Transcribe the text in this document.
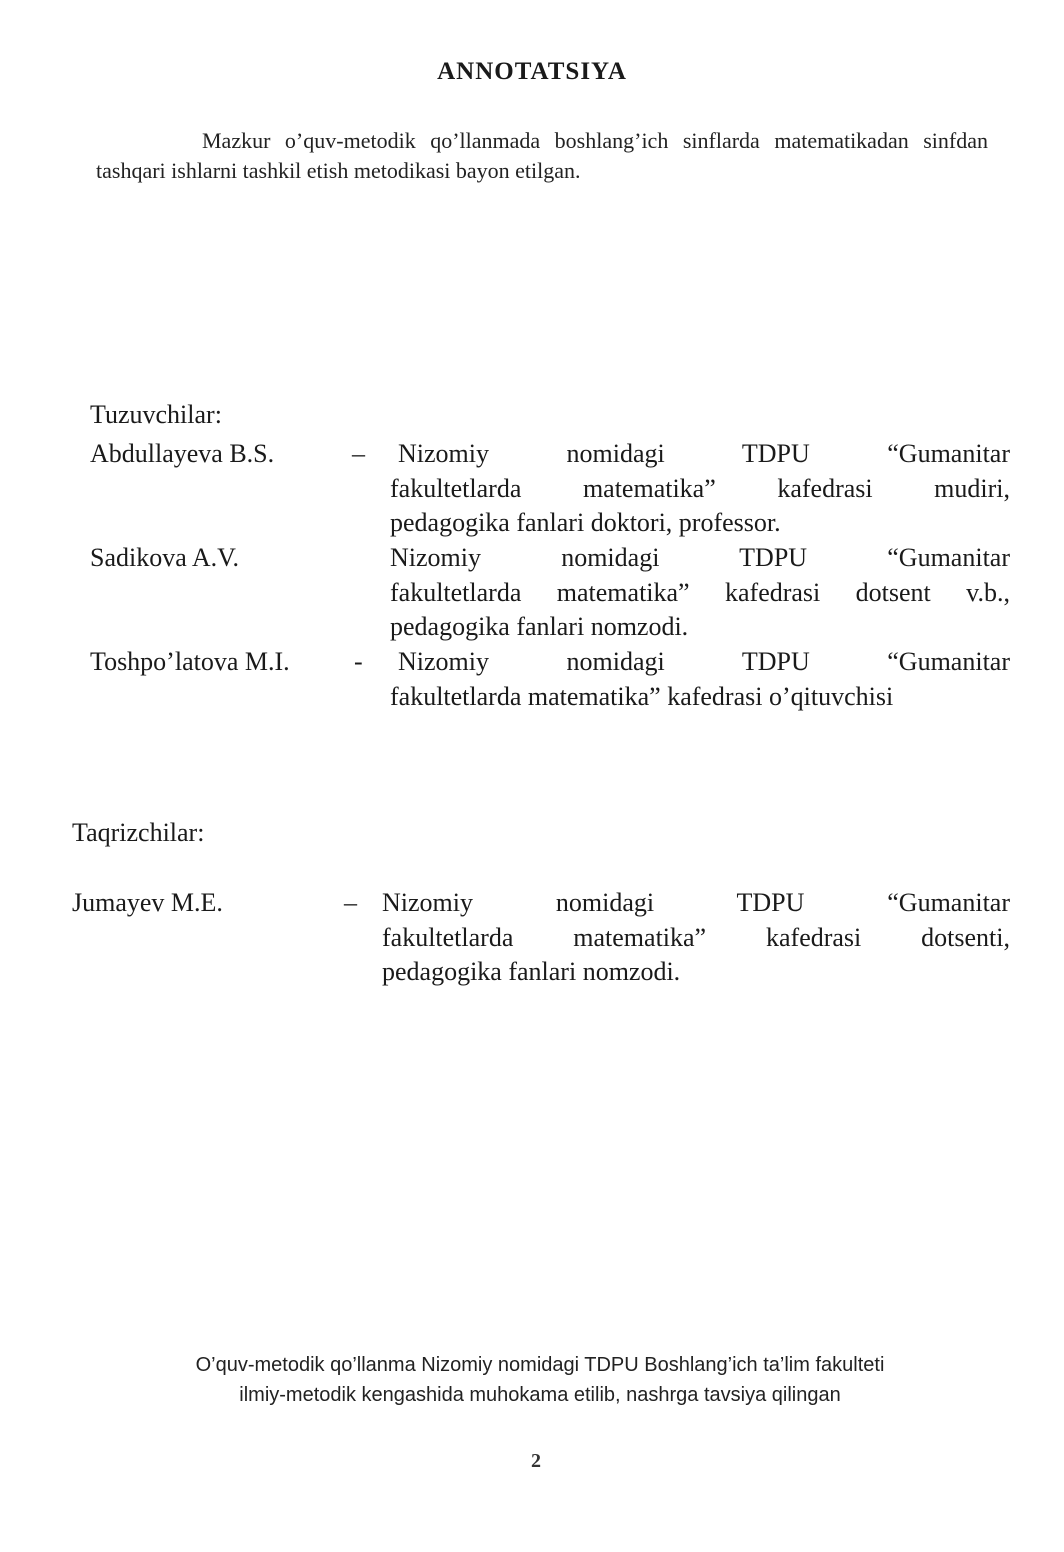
ANNOTATSIYA
Mazkur o’quv-metodik qo’llanmada boshlang’ich sinflarda matematikadan sinfdan tashqari ishlarni tashkil etish metodikasi bayon etilgan.
Tuzuvchilar:
Abdullayeva B.S.	– Nizomiy nomidagi TDPU “Gumanitar
fakultetlarda matematika” kafedrasi mudiri,
pedagogika fanlari doktori, professor.
Sadikova A.V.	Nizomiy nomidagi TDPU “Gumanitar
fakultetlarda matematika” kafedrasi dotsent v.b.,
pedagogika fanlari nomzodi.
Toshpo’latova M.I. - Nizomiy nomidagi TDPU “Gumanitar
fakultetlarda matematika” kafedrasi o’qituvchisi
Taqrizchilar:
Jumayev M.E.	– Nizomiy nomidagi TDPU “Gumanitar
fakultetlarda matematika” kafedrasi dotsenti,
pedagogika fanlari nomzodi.
O’quv-metodik qo’llanma Nizomiy nomidagi TDPU Boshlang’ich ta’lim fakulteti
ilmiy-metodik kengashida muhokama etilib, nashrga tavsiya qilingan
2
